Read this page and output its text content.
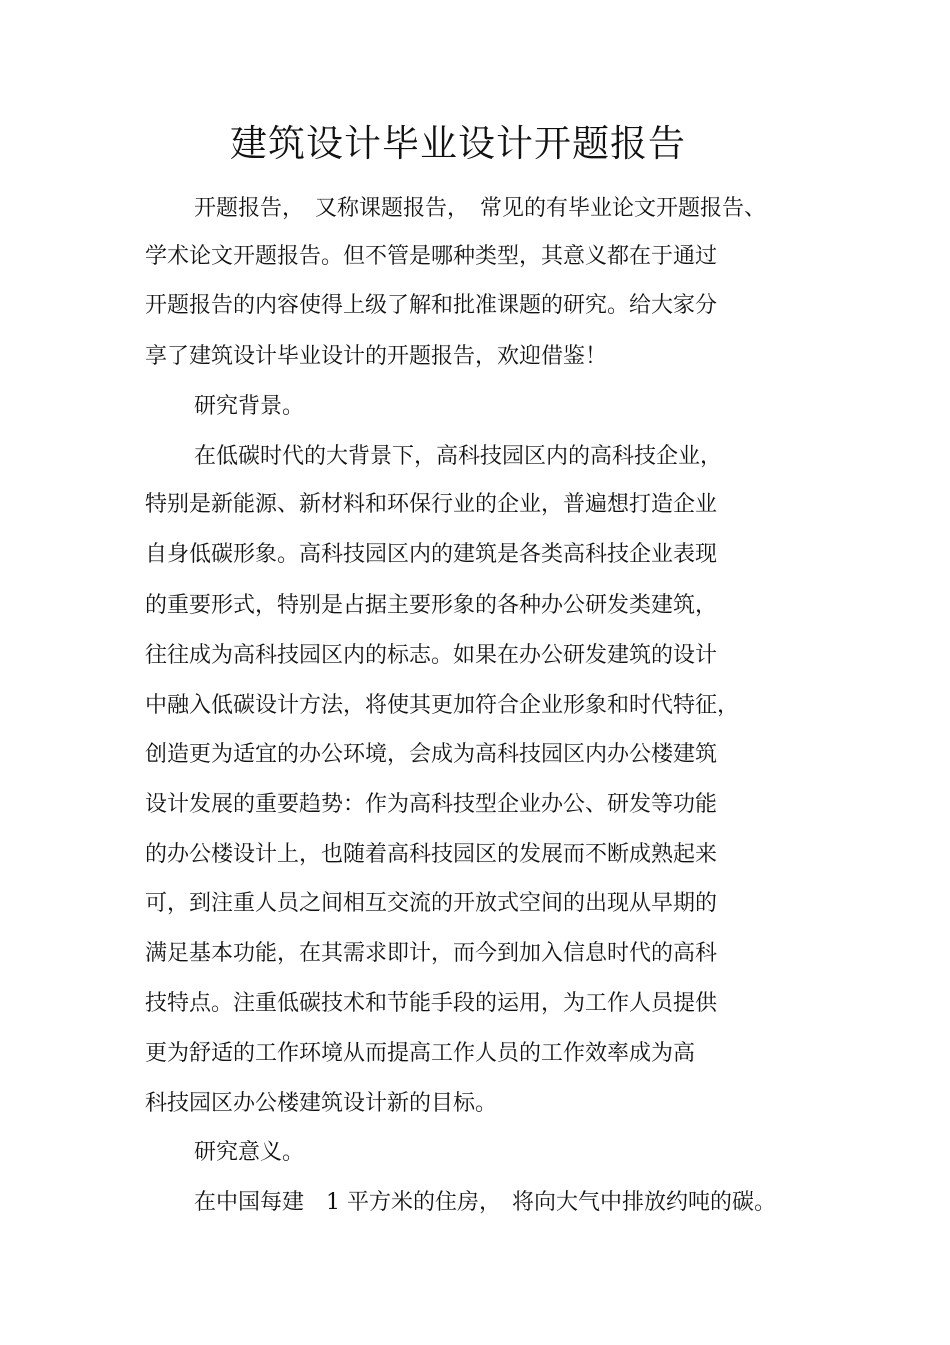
建筑设计毕业设计开题报告

开题报告，　又称课题报告，　常见的有毕业论文开题报告、

学术论文开题报告。但不管是哪种类型，其意义都在于通过

开题报告的内容使得上级了解和批准课题的研究。给大家分

享了建筑设计毕业设计的开题报告，欢迎借鉴！

研究背景。

在低碳时代的大背景下，高科技园区内的高科技企业，

特别是新能源、新材料和环保行业的企业，普遍想打造企业

自身低碳形象。高科技园区内的建筑是各类高科技企业表现

的重要形式，特别是占据主要形象的各种办公研发类建筑，

往往成为高科技园区内的标志。如果在办公研发建筑的设计

中融入低碳设计方法，将使其更加符合企业形象和时代特征，

创造更为适宜的办公环境，会成为高科技园区内办公楼建筑

设计发展的重要趋势：作为高科技型企业办公、研发等功能

的办公楼设计上，也随着高科技园区的发展而不断成熟起来

可，到注重人员之间相互交流的开放式空间的出现从早期的

满足基本功能，在其需求即计，而今到加入信息时代的高科

技特点。注重低碳技术和节能手段的运用，为工作人员提供

更为舒适的工作环境从而提高工作人员的工作效率成为高

科技园区办公楼建筑设计新的目标。

研究意义。

在中国每建　1 平方米的住房，　将向大气中排放约吨的碳。
